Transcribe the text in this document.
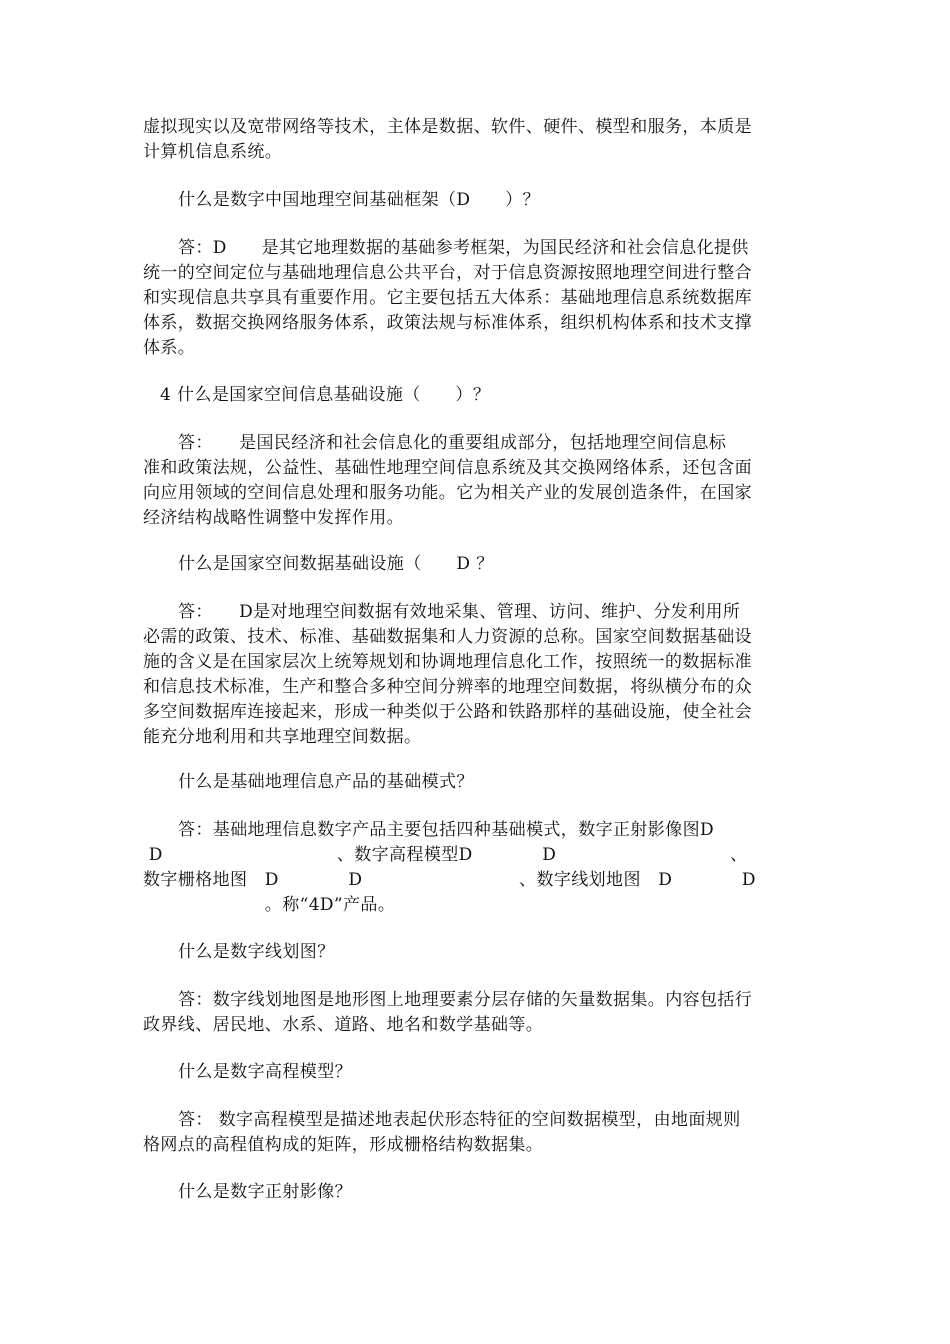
虚拟现实以及宽带网络等技术，主体是数据、软件、硬件、模型和服务，本质是
计算机信息系统。
什么是数字中国地理空间基础框架（D　　）？
答：D　　是其它地理数据的基础参考框架，为国民经济和社会信息化提供
统一的空间定位与基础地理信息公共平台，对于信息资源按照地理空间进行整合
和实现信息共享具有重要作用。它主要包括五大体系：基础地理信息系统数据库
体系，数据交换网络服务体系，政策法规与标准体系，组织机构体系和技术支撑
体系。
4 什么是国家空间信息基础设施（　　）？
答：　　是国民经济和社会信息化的重要组成部分，包括地理空间信息标
准和政策法规，公益性、基础性地理空间信息系统及其交换网络体系，还包含面
向应用领域的空间信息处理和服务功能。它为相关产业的发展创造条件，在国家
经济结构战略性调整中发挥作用。
什么是国家空间数据基础设施（　　D ？
答：　　D是对地理空间数据有效地采集、管理、访问、维护、分发利用所
必需的政策、技术、标准、基础数据集和人力资源的总称。国家空间数据基础设
施的含义是在国家层次上统筹规划和协调地理信息化工作，按照统一的数据标准
和信息技术标准，生产和整合多种空间分辨率的地理空间数据，将纵横分布的众
多空间数据库连接起来，形成一种类似于公路和铁路那样的基础设施，使全社会
能充分地利用和共享地理空间数据。
什么是基础地理信息产品的基础模式？
答：基础地理信息数字产品主要包括四种基础模式，数字正射影像图D
D　　　　　　　　　　、数字高程模型D　　　　D　　　　　　　　　　、
数字栅格地图　D　　　　D　　　　　　　　　、数字线划地图　D　　　　D
　　　　　　　。称“4D”产品。
什么是数字线划图？
答：数字线划地图是地形图上地理要素分层存储的矢量数据集。内容包括行
政界线、居民地、水系、道路、地名和数学基础等。
什么是数字高程模型？
答： 数字高程模型是描述地表起伏形态特征的空间数据模型，由地面规则
格网点的高程值构成的矩阵，形成栅格结构数据集。
什么是数字正射影像？
